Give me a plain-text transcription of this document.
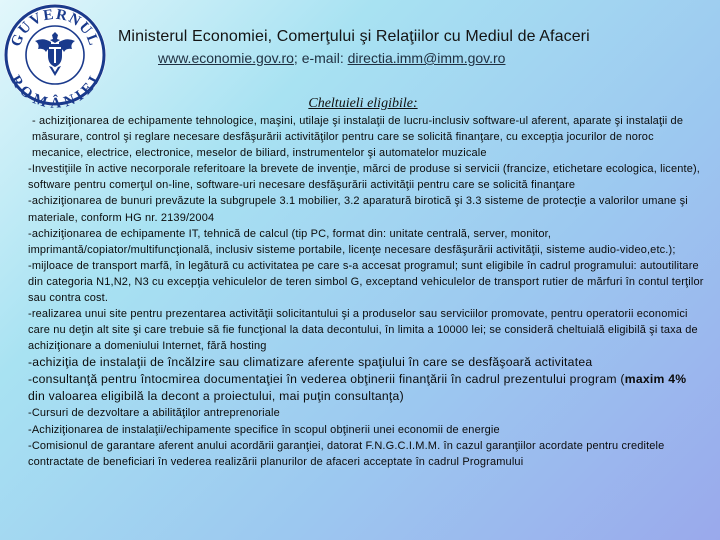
GUVERNUL
ROMÂNIEI
Ministerul Economiei, Comerţului şi Relaţiilor cu Mediul de Afaceri
www.economie.gov.ro; e-mail: directia.imm@imm.gov.ro
Cheltuieli eligibile:

- achiziţionarea de echipamente tehnologice, maşini, utilaje şi instalaţii de lucru-inclusiv software-ul aferent, aparate şi instalaţii de măsurare, control şi reglare necesare desfăşurării activităţilor pentru care se solicită finanţare, cu excepţia jocurilor de noroc mecanice, electrice, electronice, meselor de biliard, instrumentelor şi automatelor muzicale

-Investiţiile în active necorporale referitoare la brevete de invenţie, mărci de produse si servicii (francize, etichetare ecologica, licente), software pentru comerţul on-line, software-uri necesare desfăşurării activităţii pentru care se solicită finanţare

-achiziţionarea de bunuri prevăzute la subgrupele 3.1 mobilier, 3.2 aparatură birotică şi 3.3 sisteme de protecţie a valorilor umane şi materiale, conform HG nr. 2139/2004

-achiziţionarea de echipamente IT, tehnică de calcul (tip PC, format din: unitate centrală, server, monitor, imprimantă/copiator/multifuncţională, inclusiv sisteme portabile, licenţe necesare desfăşurării activităţii, sisteme audio-video,etc.);

-mijloace de transport marfă, în legătură cu activitatea pe care s-a accesat programul; sunt eligibile în cadrul programului: autoutilitare din categoria N1,N2, N3 cu excepţia vehiculelor de teren simbol G, exceptand vehiculelor de transport rutier de mărfuri în contul terţilor sau contra cost.

-realizarea unui site pentru prezentarea activităţii solicitantului şi a produselor sau serviciilor promovate, pentru operatorii economici care nu deţin alt site şi care trebuie să fie funcţional la data decontului, în limita a 10000 lei; se consideră cheltuială eligibilă şi taxa de achiziţionare a domeniului Internet, fără hosting

-achiziţia de instalaţii de încălzire sau climatizare aferente spaţiului în care se desfăşoară activitatea

-consultanţă pentru întocmirea documentaţiei în vederea obţinerii finanţării în cadrul prezentului program (maxim 4% din valoarea eligibilă la decont a proiectului, mai puţin consultanţa)

-Cursuri de dezvoltare a abilităţilor antreprenoriale

-Achiziţionarea de instalaţii/echipamente specifice în scopul obţinerii unei economii de energie

-Comisionul de garantare aferent anului acordării garanţiei, datorat F.N.G.C.I.M.M. în cazul garanţiilor acordate pentru creditele contractate de beneficiari în vederea realizării planurilor de afaceri acceptate în cadrul Programului
